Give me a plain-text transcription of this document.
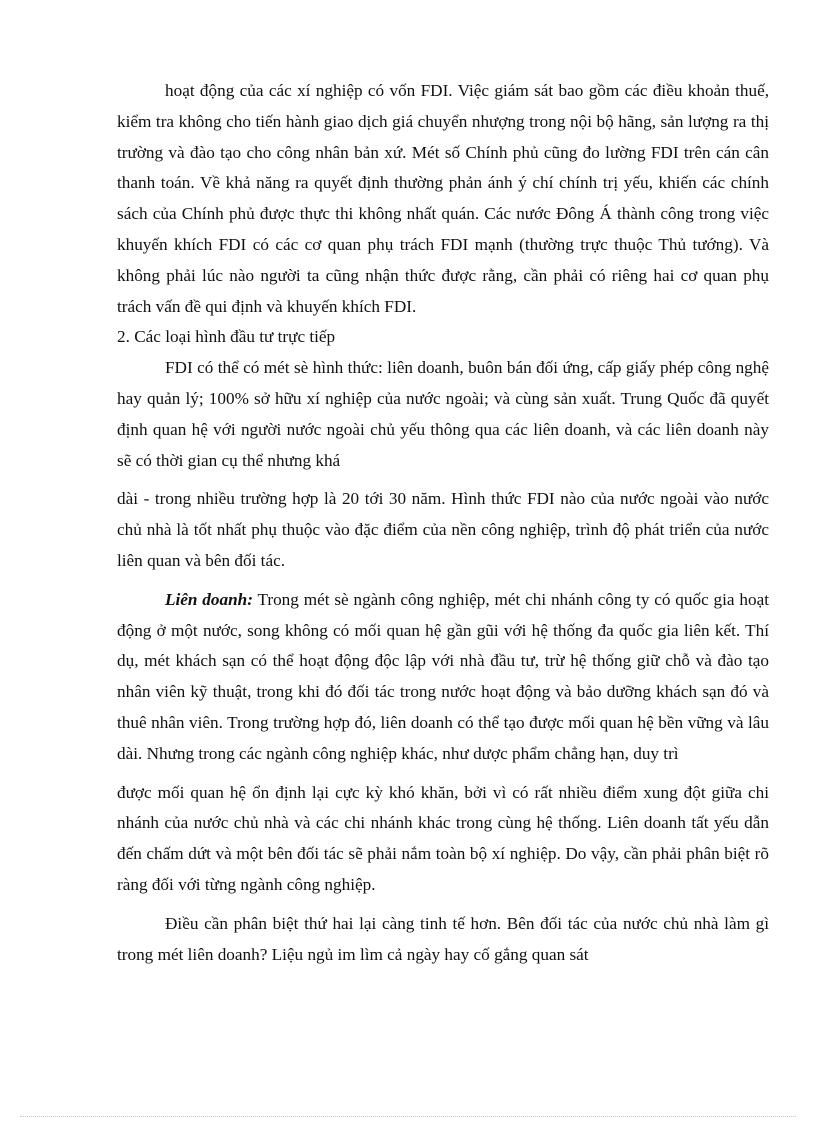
hoạt động của các xí nghiệp có vốn FDI. Việc giám sát bao gồm các điều khoản thuế, kiểm tra không cho tiến hành giao dịch giá chuyển nhượng trong nội bộ hãng, sản lượng ra thị trường và đào tạo cho công nhân bản xứ. Mét số Chính phủ cũng đo lường FDI trên cán cân thanh toán. Về khả năng ra quyết định thường phản ánh ý chí chính trị yếu, khiến các chính sách của Chính phủ được thực thi không nhất quán. Các nước Đông Á thành công trong việc khuyến khích FDI có các cơ quan phụ trách FDI mạnh (thường trực thuộc Thủ tướng). Và không phải lúc nào người ta cũng nhận thức được rằng, cần phải có riêng hai cơ quan phụ trách vấn đề qui định và khuyến khích FDI.

2. Các loại hình đầu tư trực tiếp

FDI có thể có mét sè hình thức: liên doanh, buôn bán đối ứng, cấp giấy phép công nghệ hay quản lý; 100% sở hữu xí nghiệp của nước ngoài; và cùng sản xuất. Trung Quốc đã quyết định quan hệ với người nước ngoài chủ yếu thông qua các liên doanh, và các liên doanh này sẽ có thời gian cụ thể nhưng khá

dài - trong nhiều trường hợp là 20 tới 30 năm. Hình thức FDI nào của nước ngoài vào nước chủ nhà là tốt nhất phụ thuộc vào đặc điểm của nền công nghiệp, trình độ phát triển của nước liên quan và bên đối tác.

Liên doanh: Trong mét sè ngành công nghiệp, mét chi nhánh công ty có quốc gia hoạt động ở một nước, song không có mối quan hệ gần gũi với hệ thống đa quốc gia liên kết. Thí dụ, mét khách sạn có thể hoạt động độc lập với nhà đầu tư, trừ hệ thống giữ chỗ và đào tạo nhân viên kỹ thuật, trong khi đó đối tác trong nước hoạt động và bảo dưỡng khách sạn đó và thuê nhân viên. Trong trường hợp đó, liên doanh có thể tạo được mối quan hệ bền vững và lâu dài. Nhưng trong các ngành công nghiệp khác, như dược phẩm chẳng hạn, duy trì

được mối quan hệ ổn định lại cực kỳ khó khăn, bởi vì có rất nhiều điểm xung đột giữa chi nhánh của nước chủ nhà và các chi nhánh khác trong cùng hệ thống. Liên doanh tất yếu dẫn đến chấm dứt và một bên đối tác sẽ phải nắm toàn bộ xí nghiệp. Do vậy, cần phải phân biệt rõ ràng đối với từng ngành công nghiệp.

Điều cần phân biệt thứ hai lại càng tinh tế hơn. Bên đối tác của nước chủ nhà làm gì trong mét liên doanh? Liệu ngủ im lìm cả ngày hay cố gắng quan sát
